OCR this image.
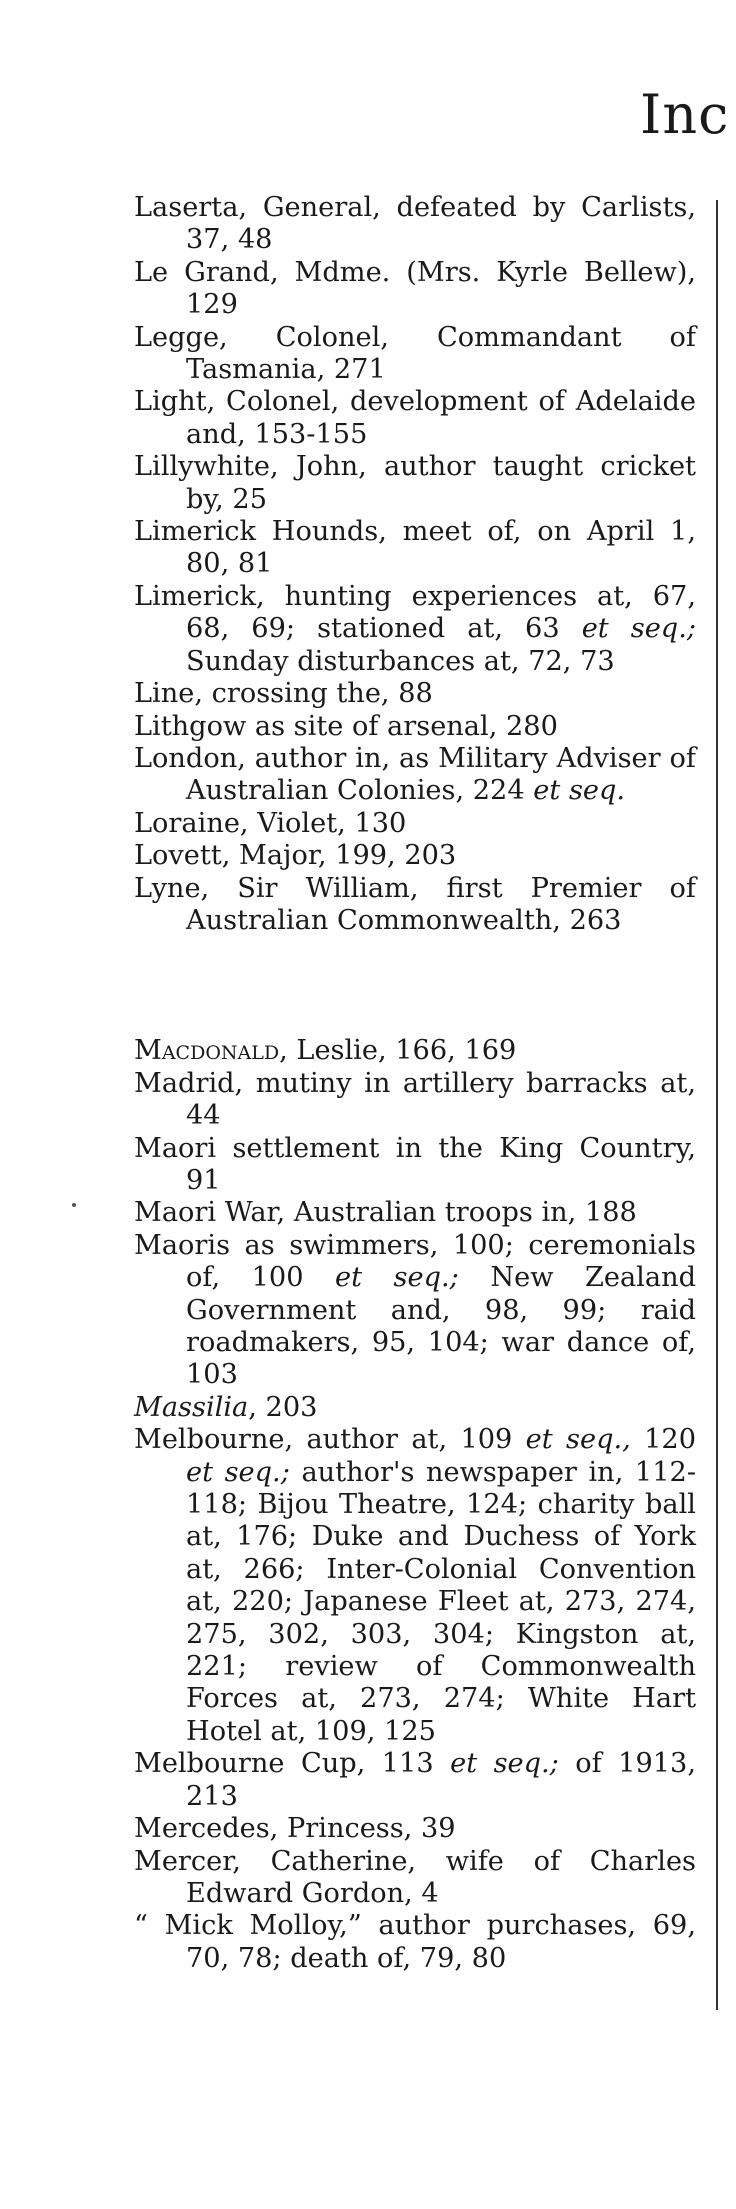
Inc

Laserta, General, defeated by Carlists, 37, 48

Le Grand, Mdme. (Mrs. Kyrle Bellew), 129

Legge, Colonel, Commandant of Tasmania, 271

Light, Colonel, development of Adelaide and, 153-155

Lillywhite, John, author taught cricket by, 25

Limerick Hounds, meet of, on April 1, 80, 81

Limerick, hunting experiences at, 67, 68, 69; stationed at, 63 et seq.; Sunday disturbances at, 72, 73

Line, crossing the, 88

Lithgow as site of arsenal, 280

London, author in, as Military Adviser of Australian Colonies, 224 et seq.

Loraine, Violet, 130

Lovett, Major, 199, 203

Lyne, Sir William, first Premier of Australian Commonwealth, 263

Macdonald, Leslie, 166, 169

Madrid, mutiny in artillery barracks at, 44

Maori settlement in the King Country, 91

Maori War, Australian troops in, 188

Maoris as swimmers, 100; ceremonials of, 100 et seq.; New Zealand Government and, 98, 99; raid roadmakers, 95, 104; war dance of, 103

Massilia, 203

Melbourne, author at, 109 et seq., 120 et seq.; author's newspaper in, 112-118; Bijou Theatre, 124; charity ball at, 176; Duke and Duchess of York at, 266; Inter-Colonial Convention at, 220; Japanese Fleet at, 273, 274, 275, 302, 303, 304; Kingston at, 221; review of Commonwealth Forces at, 273, 274; White Hart Hotel at, 109, 125

Melbourne Cup, 113 et seq.; of 1913, 213

Mercedes, Princess, 39

Mercer, Catherine, wife of Charles Edward Gordon, 4

“ Mick Molloy,” author purchases, 69, 70, 78; death of, 79, 80
